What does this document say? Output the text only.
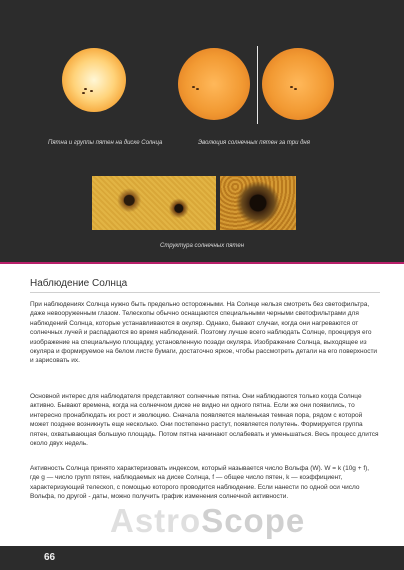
Пятна и группы пятен на диске Солнца	Эволюция солнечных пятен за три дня
Структура солнечных пятен
Наблюдение Солнца
При наблюдениях Солнца нужно быть предельно осторожными. На Солнце нельзя смотреть без светофильтра, даже невооруженным глазом. Телескопы обычно оснащаются специальными черными светофильтрами для наблюдений Солнца, которые устанавливаются в окуляр. Однако, бывают случаи, когда они нагреваются от солнечных лучей и распадаются во время наблюдений. Поэтому лучше всего наблюдать Солнце, проецируя его изображение на специальную площадку, установленную позади окуляра. Изображение Солнца, выходящее из окуляра и формируемое на белом листе бумаги, достаточно яркое, чтобы рассмотреть детали на его поверхности и зарисовать их.
Основной интерес для наблюдателя представляют солнечные пятна. Они наблюдаются только когда Солнце активно. Бывают времена, когда на солнечном диске не видно ни одного пятна. Если же они появились, то интересно пронаблюдать их рост и эволюцию. Сначала появляется маленькая темная пора, рядом с которой может позднее возникнуть еще несколько. Они постепенно растут, появляется полутень. Формируется группа пятен, охватывающая большую площадь. Потом пятна начинают ослабевать и уменьшаться. Весь процесс длится около двух недель.
Активность Солнца принято характеризовать индексом, который называется число Вольфа (W). W = k (10g + f), где g — число групп пятен, наблюдаемых на диске Солнца, f — общее число пятен, k — коэффициент, характеризующий телескоп, с помощью которого проводится наблюдение. Если нанести по одной оси число Вольфа, по другой - даты, можно получить график изменения солнечной активности.
AstroScope
66
